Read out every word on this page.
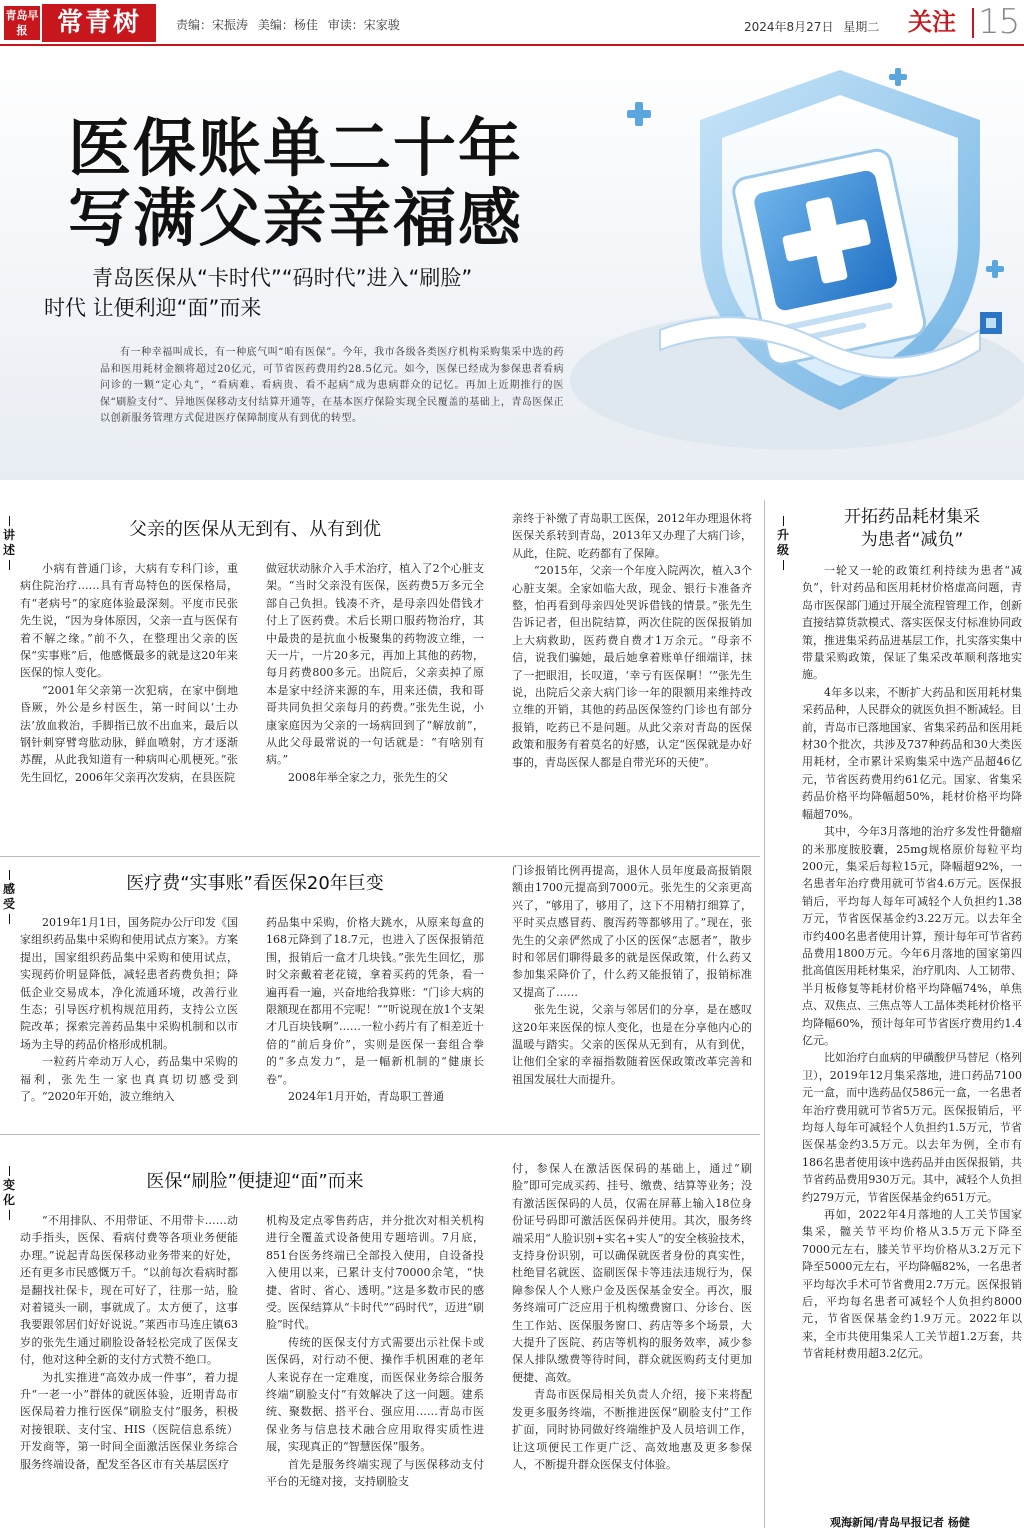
青岛早报	常青树	责编：宋振涛 美编：杨佳 审读：宋家骏	2024年8月27日 星期二 关注 15
医保账单二十年
写满父亲幸福感
青岛医保从“卡时代”“码时代”进入“刷脸”
时代 让便利迎“面”而来
有一种幸福叫成长，有一种底气叫“咱有医保”。今年，我市各级各类医疗机构采购集采中选的药品和医用耗材金额将超过20亿元，可节省医药费用约28.5亿元。如今，医保已经成为参保患者看病问诊的一颗“定心丸”，“看病难、看病贵、看不起病”成为患病群众的记忆。再加上近期推行的医保“刷脸支付”、异地医保移动支付结算开通等，在基本医疗保险实现全民覆盖的基础上，青岛医保正以创新服务管理方式促进医疗保障制度从有到优的转型。
讲述
父亲的医保从无到有、从有到优

小病有普通门诊，大病有专科门诊，重病住院治疗……具有青岛特色的医保格局，有“老病号”的家庭体验最深刻。平度市民张先生说，“因为身体原因，父亲一直与医保有着不解之缘。”前不久，在整理出父亲的医保“实事账”后，他感慨最多的就是这20年来医保的惊人变化。

“2001年父亲第一次犯病，在家中倒地昏厥，外公是乡村医生，第一时间以‘土办法’放血救治，手脚指已放不出血来，最后以钢针刺穿臂弯肱动脉，鲜血喷射，方才逐渐苏醒，从此我知道有一种病叫心肌梗死。”张先生回忆，2006年父亲再次发病，在县医院

做冠状动脉介入手术治疗，植入了2个心脏支架。“当时父亲没有医保，医药费5万多元全部自己负担。钱凑不齐，是母亲四处借钱才付上了医药费。术后长期口服药物治疗，其中最贵的是抗血小板聚集的药物波立维，一天一片，一片20多元，再加上其他的药物，每月药费800多元。出院后，父亲卖掉了原本是家中经济来源的车，用来还债，我和哥哥共同负担父亲每月的药费。”张先生说，小康家庭因为父亲的一场病回到了“解放前”，从此父母最常说的一句话就是：“有啥别有病。”

2008年举全家之力，张先生的父

亲终于补缴了青岛职工医保，2012年办理退休将医保关系转到青岛，2013年又办理了大病门诊，从此，住院、吃药都有了保障。

“2015年，父亲一个年度入院两次，植入3个心脏支架。全家如临大敌，现金、银行卡准备齐整，怕再看到母亲四处哭诉借钱的情景。”张先生告诉记者，但出院结算，两次住院的医保报销加上大病救助，医药费自费才1万余元。“母亲不信，说我们骗她，最后她拿着账单仔细端详，抹了一把眼泪，长叹道，‘幸亏有医保啊！’”张先生说，出院后父亲大病门诊一年的限额用来维持改立维的开销，其他的药品医保签约门诊也有部分报销，吃药已不是问题。从此父亲对青岛的医保政策和服务有着莫名的好感，认定“医保就是办好事的，青岛医保人都是自带光环的天使”。

感受
医疗费“实事账”看医保20年巨变

2019年1月1日，国务院办公厅印发《国家组织药品集中采购和使用试点方案》。方案提出，国家组织药品集中采购和使用试点，实现药价明显降低，减轻患者药费负担；降低企业交易成本，净化流通环境，改善行业生态；引导医疗机构规范用药，支持公立医院改革；探索完善药品集中采购机制和以市场为主导的药品价格形成机制。

一粒药片牵动万人心，药品集中采购的福利，张先生一家也真真切切感受到了。“2020年开始，波立维纳入

药品集中采购，价格大跳水，从原来每盒的168元降到了18.7元，也进入了医保报销范围，报销后一盒才几块钱。”张先生回忆，那时父亲戴着老花镜，拿着买药的凭条，看一遍再看一遍，兴奋地给我算账：“门诊大病的限额现在都用不完呢！”“听说现在放1个支架才几百块钱啊”……一粒小药片有了相差近十倍的“前后身价”，实则是医保一套组合拳的“多点发力”，是一幅新机制的“健康长卷”。

2024年1月开始，青岛职工普通

门诊报销比例再提高，退休人员年度最高报销限额由1700元提高到7000元。张先生的父亲更高兴了，“够用了，够用了，这下不用精打细算了，平时买点感冒药、腹泻药等都够用了。”现在，张先生的父亲俨然成了小区的医保“志愿者”，散步时和邻居们聊得最多的就是医保政策，什么药又参加集采降价了，什么药又能报销了，报销标准又提高了……

张先生说，父亲与邻居们的分享，是在感叹这20年来医保的惊人变化，也是在分享他内心的温暖与踏实。父亲的医保从无到有，从有到优，让他们全家的幸福指数随着医保政策改革完善和祖国发展壮大而提升。

变化
医保“刷脸”便捷迎“面”而来

“不用排队、不用带证、不用带卡……动动手指头，医保、看病付费等各项业务便能办理。”说起青岛医保移动业务带来的好处，还有更多市民感慨万千。“以前每次看病时都是翻找社保卡，现在可好了，往那一站，脸对着镜头一刷，事就成了。太方便了，这事我要跟邻居们好好说说。”莱西市马连庄镇63岁的张先生通过刷脸设备轻松完成了医保支付，他对这种全新的支付方式赞不绝口。

为扎实推进“高效办成一件事”，着力提升“一老一小”群体的就医体验，近期青岛市医保局着力推行医保“刷脸支付”服务，积极对接银联、支付宝、HIS（医院信息系统）开发商等，第一时间全面激活医保业务综合服务终端设备，配发至各区市有关基层医疗

机构及定点零售药店，并分批次对相关机构进行全覆盖式设备使用专题培训。7月底，851台医务终端已全部投入使用，自设备投入使用以来，已累计支付70000余笔，“快捷、省时、省心、透明。”这是多数市民的感受。医保结算从“卡时代”“码时代”，迈进“刷脸”时代。

传统的医保支付方式需要出示社保卡或医保码，对行动不便、操作手机困难的老年人来说存在一定难度，而医保业务综合服务终端“刷脸支付”有效解决了这一问题。建系统、聚数据、搭平台、强应用……青岛市医保业务与信息技术融合应用取得实质性进展，实现真正的“智慧医保”服务。

首先是服务终端实现了与医保移动支付平台的无缝对接，支持刷脸支

付，参保人在激活医保码的基础上，通过“刷脸”即可完成买药、挂号、缴费、结算等业务；没有激活医保码的人员，仅需在屏幕上输入18位身份证号码即可激活医保码并使用。其次，服务终端采用“人脸识别+实名+实人”的安全核验技术，支持身份识别，可以确保就医者身份的真实性，杜绝冒名就医、盗刷医保卡等违法违规行为，保障参保人个人账户金及医保基金安全。再次，服务终端可广泛应用于机构缴费窗口、分诊台、医生工作站、医保服务窗口、药店等多个场景，大大提升了医院、药店等机构的服务效率，减少参保人排队缴费等待时间，群众就医购药支付更加便捷、高效。

青岛市医保局相关负责人介绍，接下来将配发更多服务终端，不断推进医保“刷脸支付”工作扩面，同时协同做好终端维护及人员培训工作，让这项便民工作更广泛、高效地惠及更多参保人，不断提升群众医保支付体验。

升级
开拓药品耗材集采
为患者“减负”

一轮又一轮的政策红利持续为患者“减负”，针对药品和医用耗材价格虚高问题，青岛市医保部门通过开展全流程管理工作，创新直接结算货款模式、落实医保支付标准协同政策，推进集采药品进基层工作，扎实落实集中带量采购政策，保证了集采改革顺利落地实施。

4年多以来，不断扩大药品和医用耗材集采药品种，人民群众的就医负担不断减轻。目前，青岛市已落地国家、省集采药品和医用耗材30个批次，共涉及737种药品和30大类医用耗材，全市累计采购集采中选产品超46亿元，节省医药费用约61亿元。国家、省集采药品价格平均降幅超50%，耗材价格平均降幅超70%。

其中，今年3月落地的治疗多发性骨髓瘤的米那度胺胶囊，25mg规格原价每粒平均200元，集采后每粒15元，降幅超92%，一名患者年治疗费用就可节省4.6万元。医保报销后，平均每人每年可减轻个人负担约1.38万元，节省医保基金约3.22万元。以去年全市约400名患者使用计算，预计每年可节省药品费用1800万元。今年6月落地的国家第四批高值医用耗材集采，治疗肌肉、人工韧带、半月板修复等耗材价格平均降幅74%，单焦点、双焦点、三焦点等人工晶体类耗材价格平均降幅60%，预计每年可节省医疗费用约1.4亿元。

比如治疗白血病的甲磺酸伊马替尼（格列卫），2019年12月集采落地，进口药品7100元一盒，而中选药品仅586元一盒，一名患者年治疗费用就可节省5万元。医保报销后，平均每人每年可减轻个人负担约1.5万元，节省医保基金约3.5万元。以去年为例，全市有186名患者使用该中选药品并由医保报销，共节省药品费用930万元。其中，减轻个人负担约279万元，节省医保基金约651万元。

再如，2022年4月落地的人工关节国家集采，髋关节平均价格从3.5万元下降至7000元左右，膝关节平均价格从3.2万元下降至5000元左右，平均降幅82%，一名患者平均每次手术可节省费用2.7万元。医保报销后，平均每名患者可减轻个人负担约8000元，节省医保基金约1.9万元。2022年以来，全市共使用集采人工关节超1.2万套，共节省耗材费用超3.2亿元。

观海新闻/青岛早报记者 杨健
